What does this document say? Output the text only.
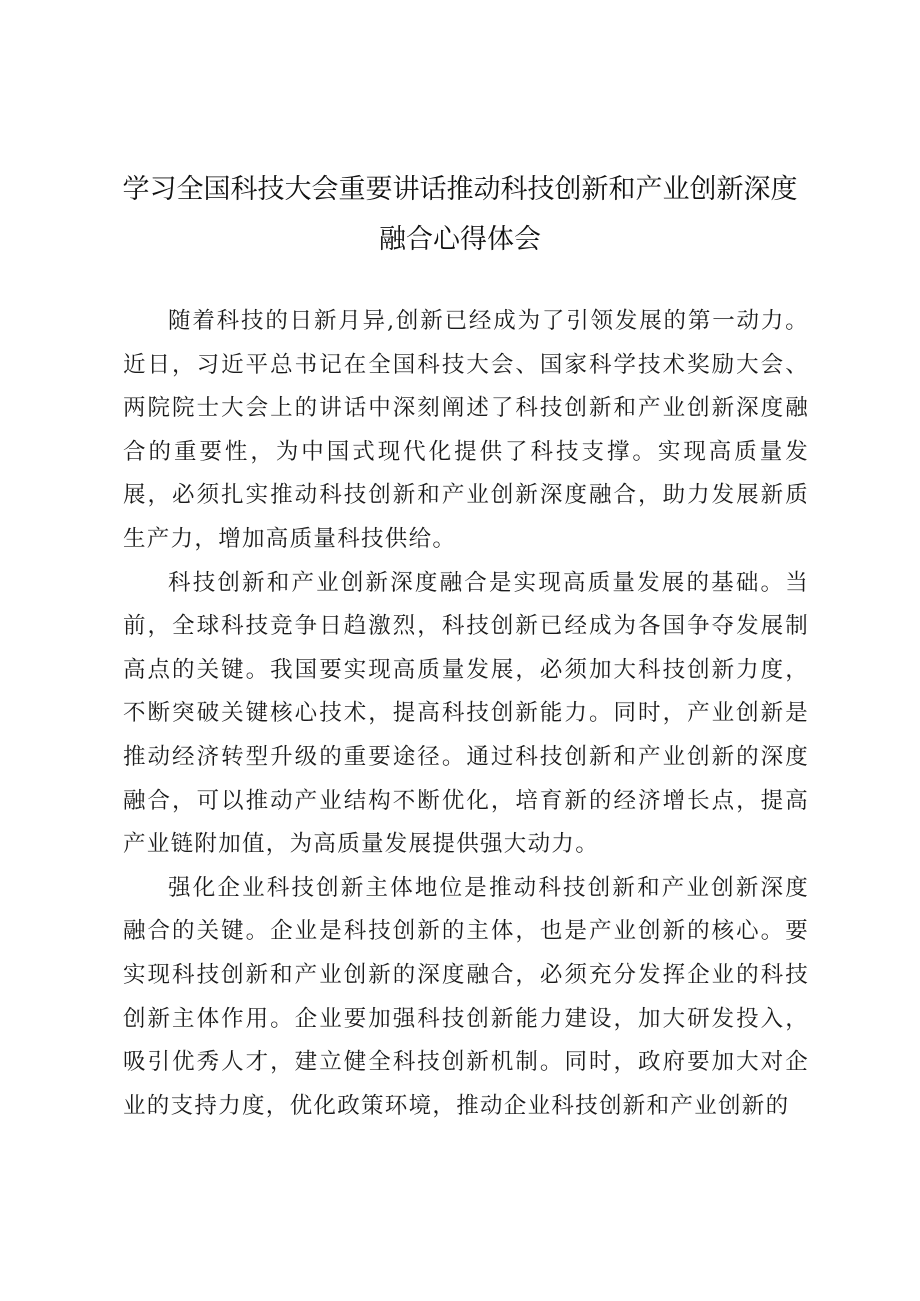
学习全国科技大会重要讲话推动科技创新和产业创新深度融合心得体会

随着科技的日新月异,创新已经成为了引领发展的第一动力。近日，习近平总书记在全国科技大会、国家科学技术奖励大会、两院院士大会上的讲话中深刻阐述了科技创新和产业创新深度融合的重要性，为中国式现代化提供了科技支撑。实现高质量发展，必须扎实推动科技创新和产业创新深度融合，助力发展新质生产力，增加高质量科技供给。

科技创新和产业创新深度融合是实现高质量发展的基础。当前，全球科技竞争日趋激烈，科技创新已经成为各国争夺发展制高点的关键。我国要实现高质量发展，必须加大科技创新力度，不断突破关键核心技术，提高科技创新能力。同时，产业创新是推动经济转型升级的重要途径。通过科技创新和产业创新的深度融合，可以推动产业结构不断优化，培育新的经济增长点，提高产业链附加值，为高质量发展提供强大动力。

强化企业科技创新主体地位是推动科技创新和产业创新深度融合的关键。企业是科技创新的主体，也是产业创新的核心。要实现科技创新和产业创新的深度融合，必须充分发挥企业的科技创新主体作用。企业要加强科技创新能力建设，加大研发投入，吸引优秀人才，建立健全科技创新机制。同时，政府要加大对企业的支持力度，优化政策环境，推动企业科技创新和产业创新的
